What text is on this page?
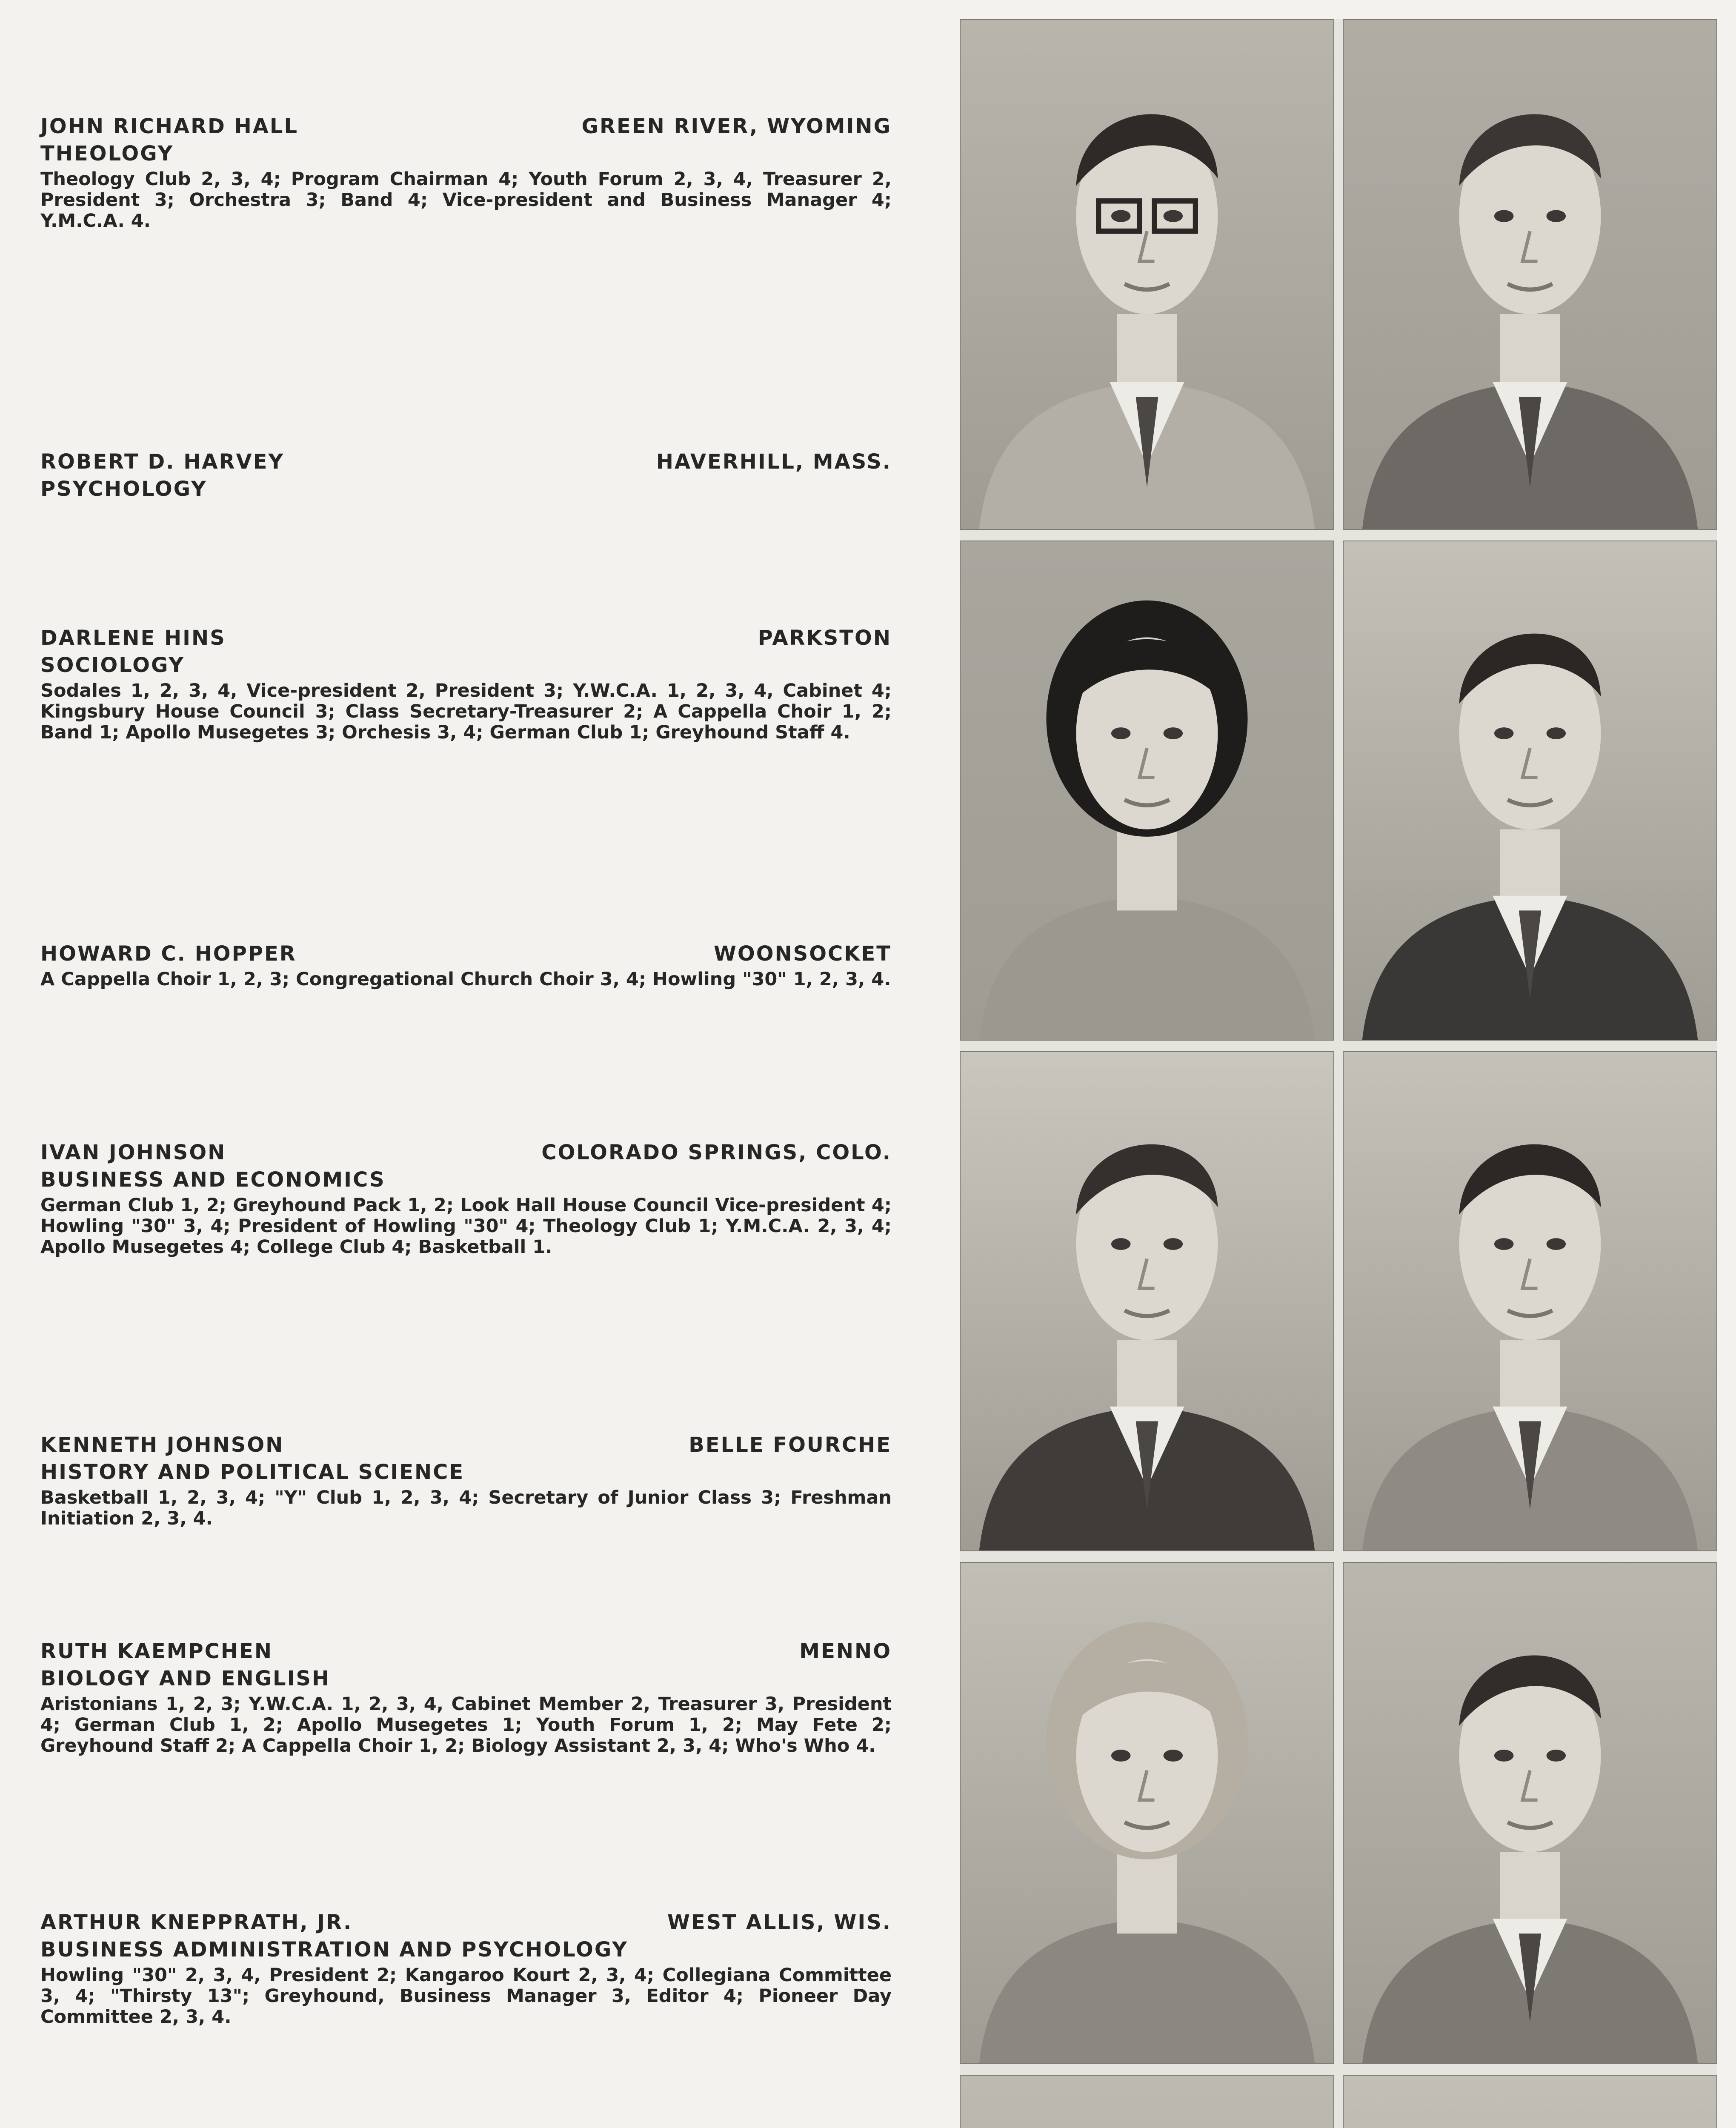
JOHN RICHARD HALL	GREEN RIVER, WYOMING
THEOLOGY
Theology Club 2, 3, 4; Program Chairman 4; Youth Forum 2, 3, 4, Treasurer 2, President 3; Orchestra 3; Band 4; Vice-president and Business Manager 4; Y.M.C.A. 4.
ROBERT D. HARVEY	HAVERHILL, MASS.
PSYCHOLOGY
DARLENE HINS	PARKSTON
SOCIOLOGY
Sodales 1, 2, 3, 4, Vice-president 2, President 3; Y.W.C.A. 1, 2, 3, 4, Cabinet 4; Kingsbury House Council 3; Class Secretary-Treasurer 2; A Cappella Choir 1, 2; Band 1; Apollo Musegetes 3; Orchesis 3, 4; German Club 1; Greyhound Staff 4.
HOWARD C. HOPPER	WOONSOCKET
A Cappella Choir 1, 2, 3; Congregational Church Choir 3, 4; Howling "30" 1, 2, 3, 4.
IVAN JOHNSON	COLORADO SPRINGS, COLO.
BUSINESS AND ECONOMICS
German Club 1, 2; Greyhound Pack 1, 2; Look Hall House Council Vice-president 4; Howling "30" 3, 4; President of Howling "30" 4; Theology Club 1; Y.M.C.A. 2, 3, 4; Apollo Musegetes 4; College Club 4; Basketball 1.
KENNETH JOHNSON	BELLE FOURCHE
HISTORY AND POLITICAL SCIENCE
Basketball 1, 2, 3, 4; "Y" Club 1, 2, 3, 4; Secretary of Junior Class 3; Freshman Initiation 2, 3, 4.
RUTH KAEMPCHEN	MENNO
BIOLOGY AND ENGLISH
Aristonians 1, 2, 3; Y.W.C.A. 1, 2, 3, 4, Cabinet Member 2, Treasurer 3, President 4; German Club 1, 2; Apollo Musegetes 1; Youth Forum 1, 2; May Fete 2; Greyhound Staff 2; A Cappella Choir 1, 2; Biology Assistant 2, 3, 4; Who's Who 4.
ARTHUR KNEPPRATH, JR.	WEST ALLIS, WIS.
BUSINESS ADMINISTRATION AND PSYCHOLOGY
Howling "30" 2, 3, 4, President 2; Kangaroo Kourt 2, 3, 4; Collegiana Committee 3, 4; "Thirsty 13"; Greyhound, Business Manager 3, Editor 4; Pioneer Day Committee 2, 3, 4.
